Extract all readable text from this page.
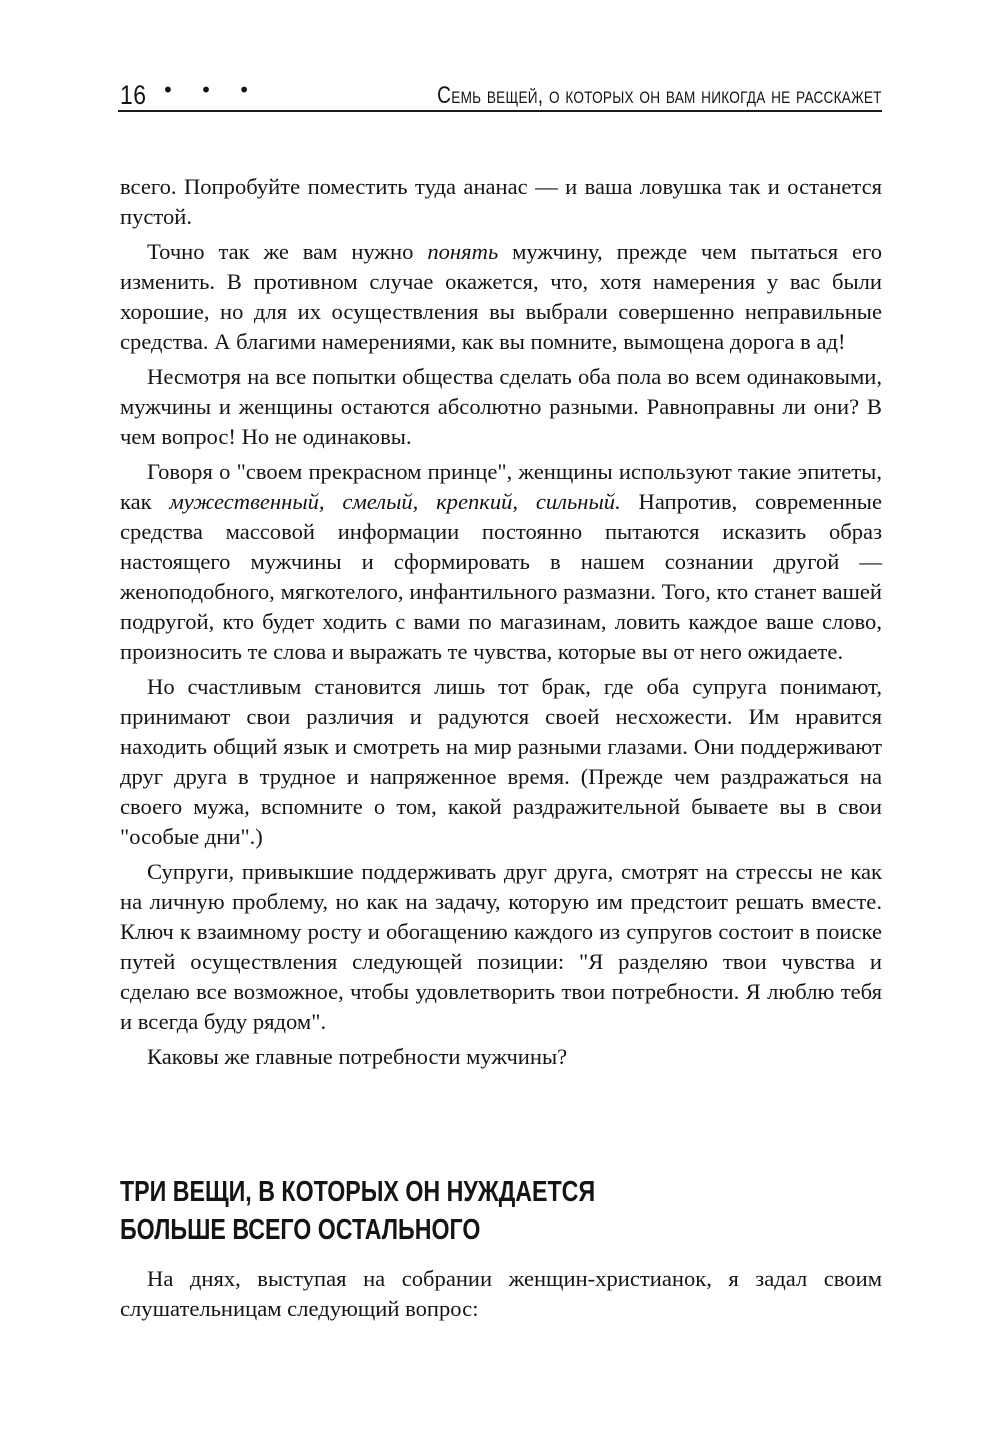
16 • • •	Семь вещей, о которых он вам никогда не расскажет

всего. Попробуйте поместить туда ананас — и ваша ловушка так и останется пустой.

Точно так же вам нужно понять мужчину, прежде чем пытаться его изменить. В противном случае окажется, что, хотя намерения у вас были хорошие, но для их осуществления вы выбрали совершенно неправильные средства. А благими намерениями, как вы помните, вымощена дорога в ад!

Несмотря на все попытки общества сделать оба пола во всем одинаковыми, мужчины и женщины остаются абсолютно разными. Равноправны ли они? В чем вопрос! Но не одинаковы.

Говоря о "своем прекрасном принце", женщины используют такие эпитеты, как мужественный, смелый, крепкий, сильный. Напротив, современные средства массовой информации постоянно пытаются исказить образ настоящего мужчины и сформировать в нашем сознании другой — женоподобного, мягкотелого, инфантильного размазни. Того, кто станет вашей подругой, кто будет ходить с вами по магазинам, ловить каждое ваше слово, произносить те слова и выражать те чувства, которые вы от него ожидаете.

Но счастливым становится лишь тот брак, где оба супруга понимают, принимают свои различия и радуются своей несхожести. Им нравится находить общий язык и смотреть на мир разными глазами. Они поддерживают друг друга в трудное и напряженное время. (Прежде чем раздражаться на своего мужа, вспомните о том, какой раздражительной бываете вы в свои "особые дни".)

Супруги, привыкшие поддерживать друг друга, смотрят на стрессы не как на личную проблему, но как на задачу, которую им предстоит решать вместе. Ключ к взаимному росту и обогащению каждого из супругов состоит в поиске путей осуществления следующей позиции: "Я разделяю твои чувства и сделаю все возможное, чтобы удовлетворить твои потребности. Я люблю тебя и всегда буду рядом".

Каковы же главные потребности мужчины?

ТРИ ВЕЩИ, В КОТОРЫХ ОН НУЖДАЕТСЯ
БОЛЬШЕ ВСЕГО ОСТАЛЬНОГО

На днях, выступая на собрании женщин-христианок, я задал своим слушательницам следующий вопрос:
